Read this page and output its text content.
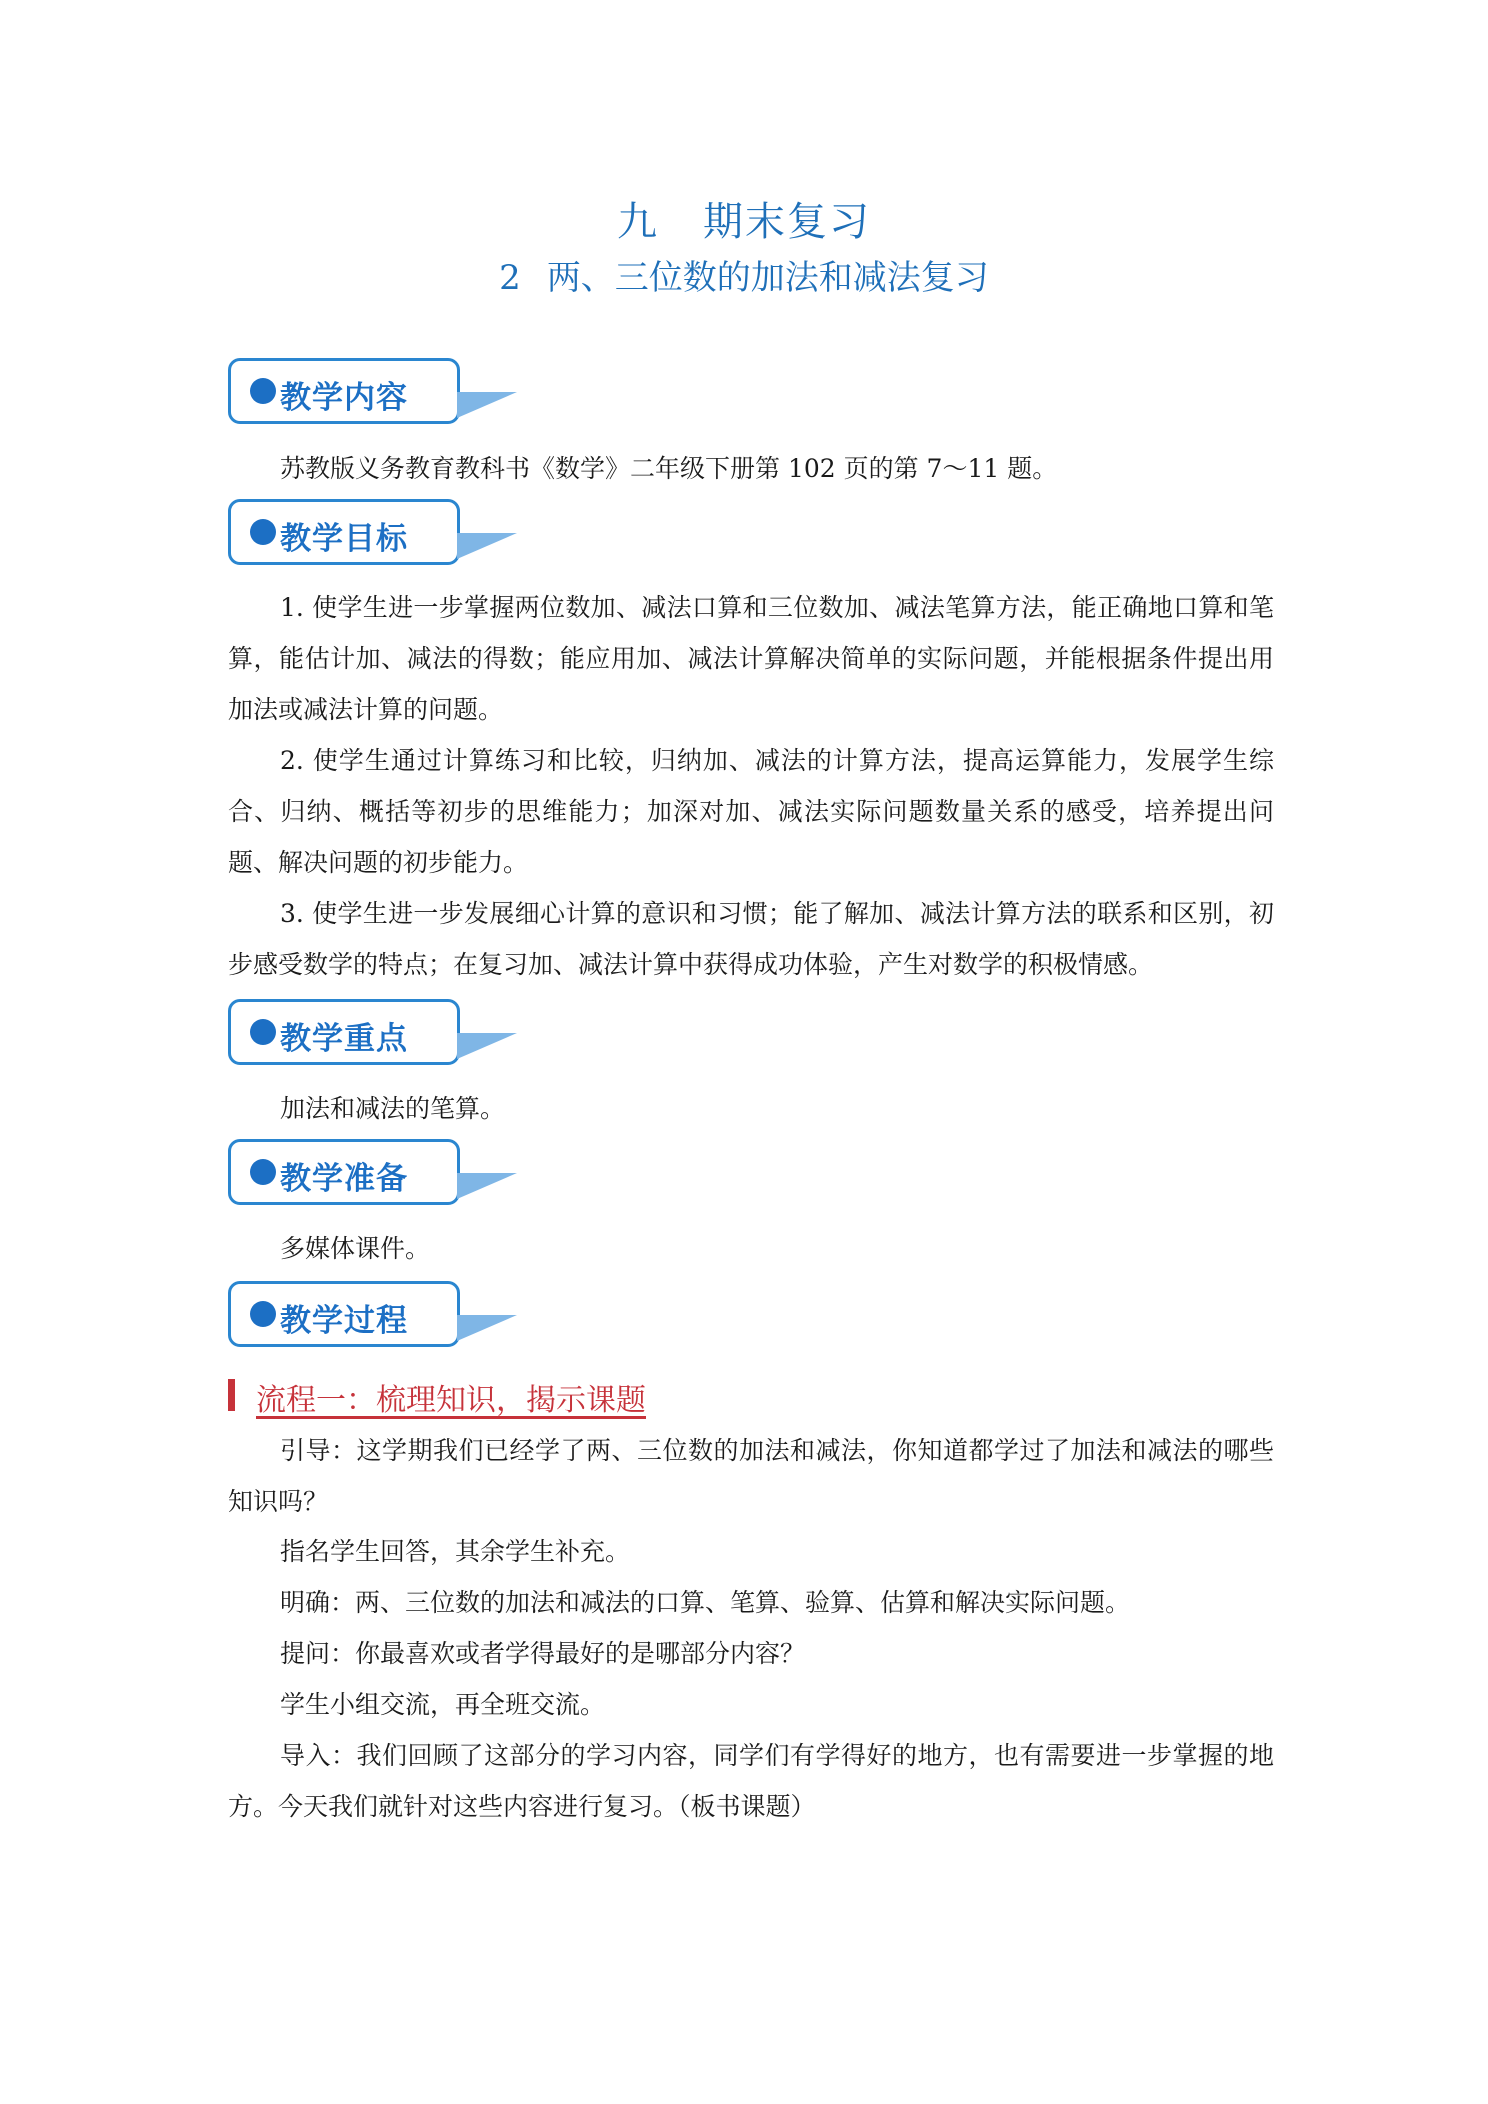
九 期末复习
2 两、三位数的加法和减法复习
教学内容
苏教版义务教育教科书《数学》二年级下册第 102 页的第 7～11 题。
教学目标
1. 使学生进一步掌握两位数加、减法口算和三位数加、减法笔算方法，能正确地口算和笔算，能估计加、减法的得数；能应用加、减法计算解决简单的实际问题，并能根据条件提出用加法或减法计算的问题。
2. 使学生通过计算练习和比较，归纳加、减法的计算方法，提高运算能力，发展学生综合、归纳、概括等初步的思维能力；加深对加、减法实际问题数量关系的感受，培养提出问题、解决问题的初步能力。
3. 使学生进一步发展细心计算的意识和习惯；能了解加、减法计算方法的联系和区别，初步感受数学的特点；在复习加、减法计算中获得成功体验，产生对数学的积极情感。
教学重点
加法和减法的笔算。
教学准备
多媒体课件。
教学过程
流程一：梳理知识，揭示课题
引导：这学期我们已经学了两、三位数的加法和减法，你知道都学过了加法和减法的哪些知识吗？
指名学生回答，其余学生补充。
明确：两、三位数的加法和减法的口算、笔算、验算、估算和解决实际问题。
提问：你最喜欢或者学得最好的是哪部分内容？
学生小组交流，再全班交流。
导入：我们回顾了这部分的学习内容，同学们有学得好的地方，也有需要进一步掌握的地方。今天我们就针对这些内容进行复习。（板书课题）
